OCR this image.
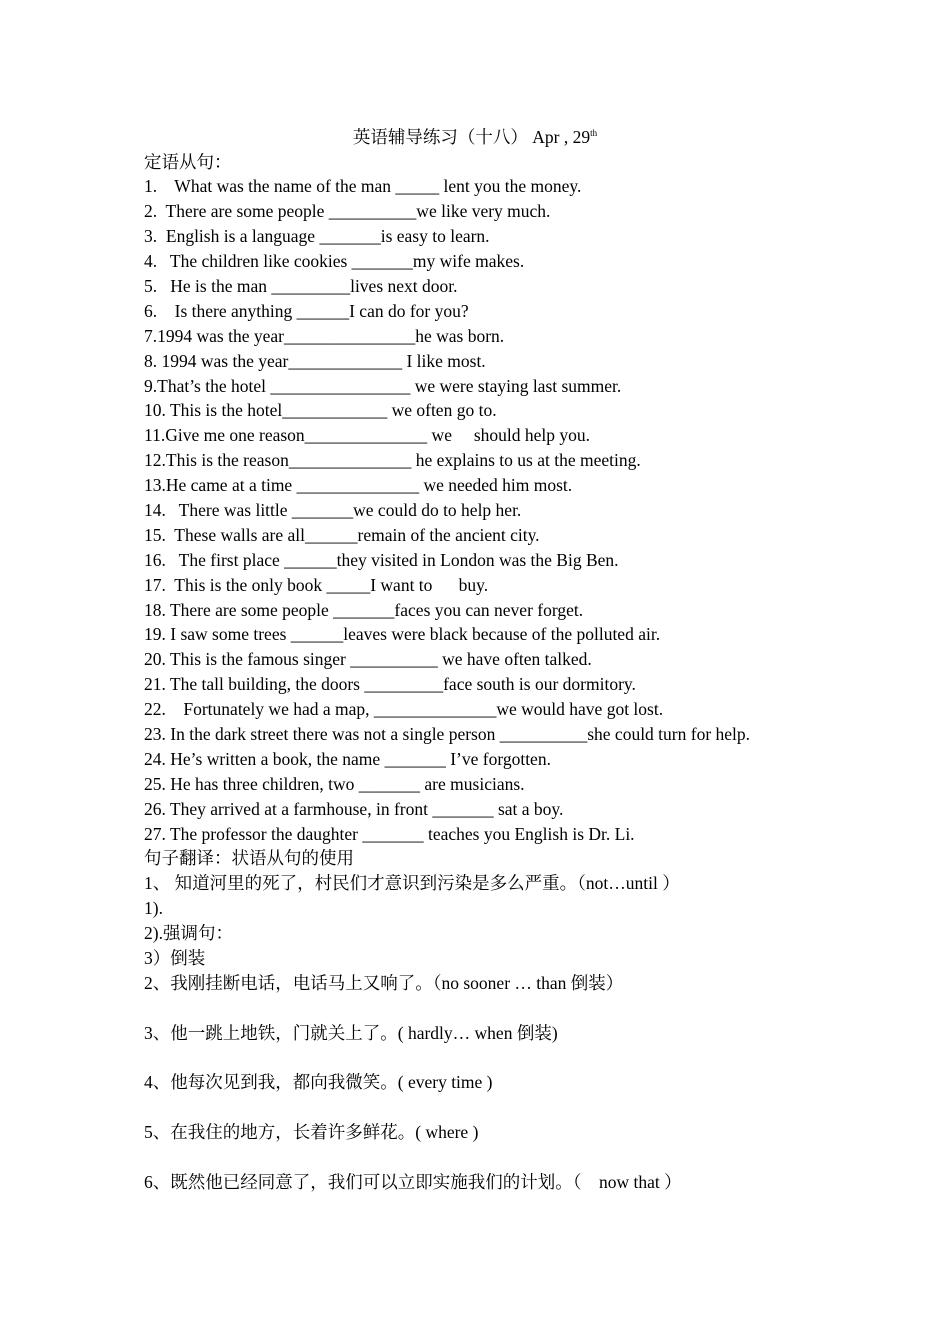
英语辅导练习（十八） Apr , 29th
定语从句：
1.    What was the name of the man _____ lent you the money.
2.  There are some people __________we like very much.
3.  English is a language _______is easy to learn.
4.   The children like cookies _______my wife makes.
5.   He is the man _________lives next door.
6.    Is there anything ______I can do for you?
7.1994 was the year_______________he was born.
8. 1994 was the year_____________ I like most.
9.That’s the hotel ________________ we were staying last summer.
10. This is the hotel____________ we often go to.
11.Give me one reason______________ we     should help you.
12.This is the reason______________ he explains to us at the meeting.
13.He came at a time ______________ we needed him most.
14.   There was little _______we could do to help her.
15.  These walls are all______remain of the ancient city.
16.   The first place ______they visited in London was the Big Ben.
17.  This is the only book _____I want to      buy.
18. There are some people _______faces you can never forget.
19. I saw some trees ______leaves were black because of the polluted air.
20. This is the famous singer __________ we have often talked.
21. The tall building, the doors _________face south is our dormitory.
22.    Fortunately we had a map, ______________we would have got lost.
23. In the dark street there was not a single person __________she could turn for help.
24. He’s written a book, the name _______ I’ve forgotten.
25. He has three children, two _______ are musicians.
26. They arrived at a farmhouse, in front _______ sat a boy.
27. The professor the daughter _______ teaches you English is Dr. Li.
句子翻译：状语从句的使用
1、 知道河里的死了，村民们才意识到污染是多么严重。（not…until ）
1).
2).强调句：
3）倒装
2、我刚挂断电话，电话马上又响了。（no sooner … than 倒装）
3、他一跳上地铁，门就关上了。( hardly… when 倒装)
4、他每次见到我，都向我微笑。( every time )
5、在我住的地方，长着许多鲜花。( where )
6、既然他已经同意了，我们可以立即实施我们的计划。（    now that ）
